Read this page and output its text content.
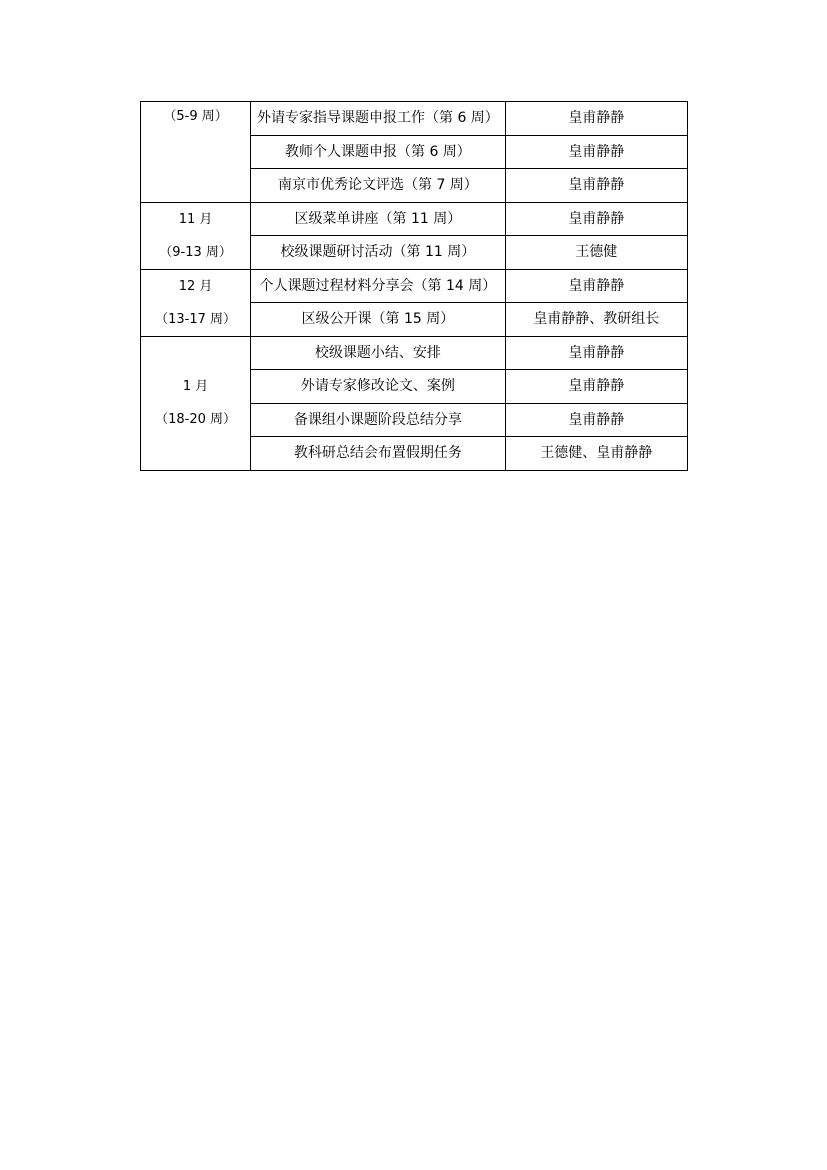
（5-9 周）	外请专家指导课题申报工作（第 6 周）	皇甫静静
	教师个人课题申报（第 6 周）	皇甫静静
	南京市优秀论文评选（第 7 周）	皇甫静静

11 月
（9-13 周）	区级菜单讲座（第 11 周）	皇甫静静
	校级课题研讨活动（第 11 周）	王德健

12 月
（13-17 周）	个人课题过程材料分享会（第 14 周）	皇甫静静
	区级公开课（第 15 周）	皇甫静静、教研组长

1 月
（18-20 周）	校级课题小结、安排	皇甫静静
	外请专家修改论文、案例	皇甫静静
	备课组小课题阶段总结分享	皇甫静静
	教科研总结会布置假期任务	王德健、皇甫静静
